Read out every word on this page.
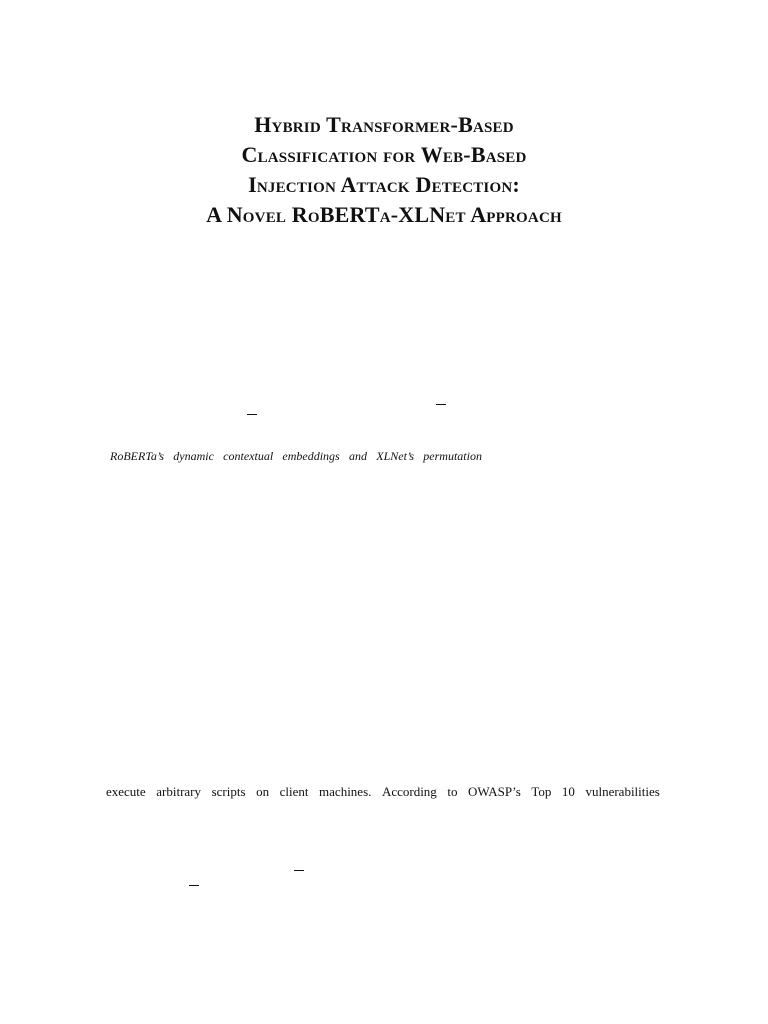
Hybrid Transformer-Based

Classification for Web-Based

Injection Attack Detection:

A Novel RoBERTa-XLNet Approach

RoBERTa’s dynamic contextual embeddings and XLNet’s permutation
execute arbitrary scripts on client machines. According to OWASP’s Top 10 vulnerabilities
